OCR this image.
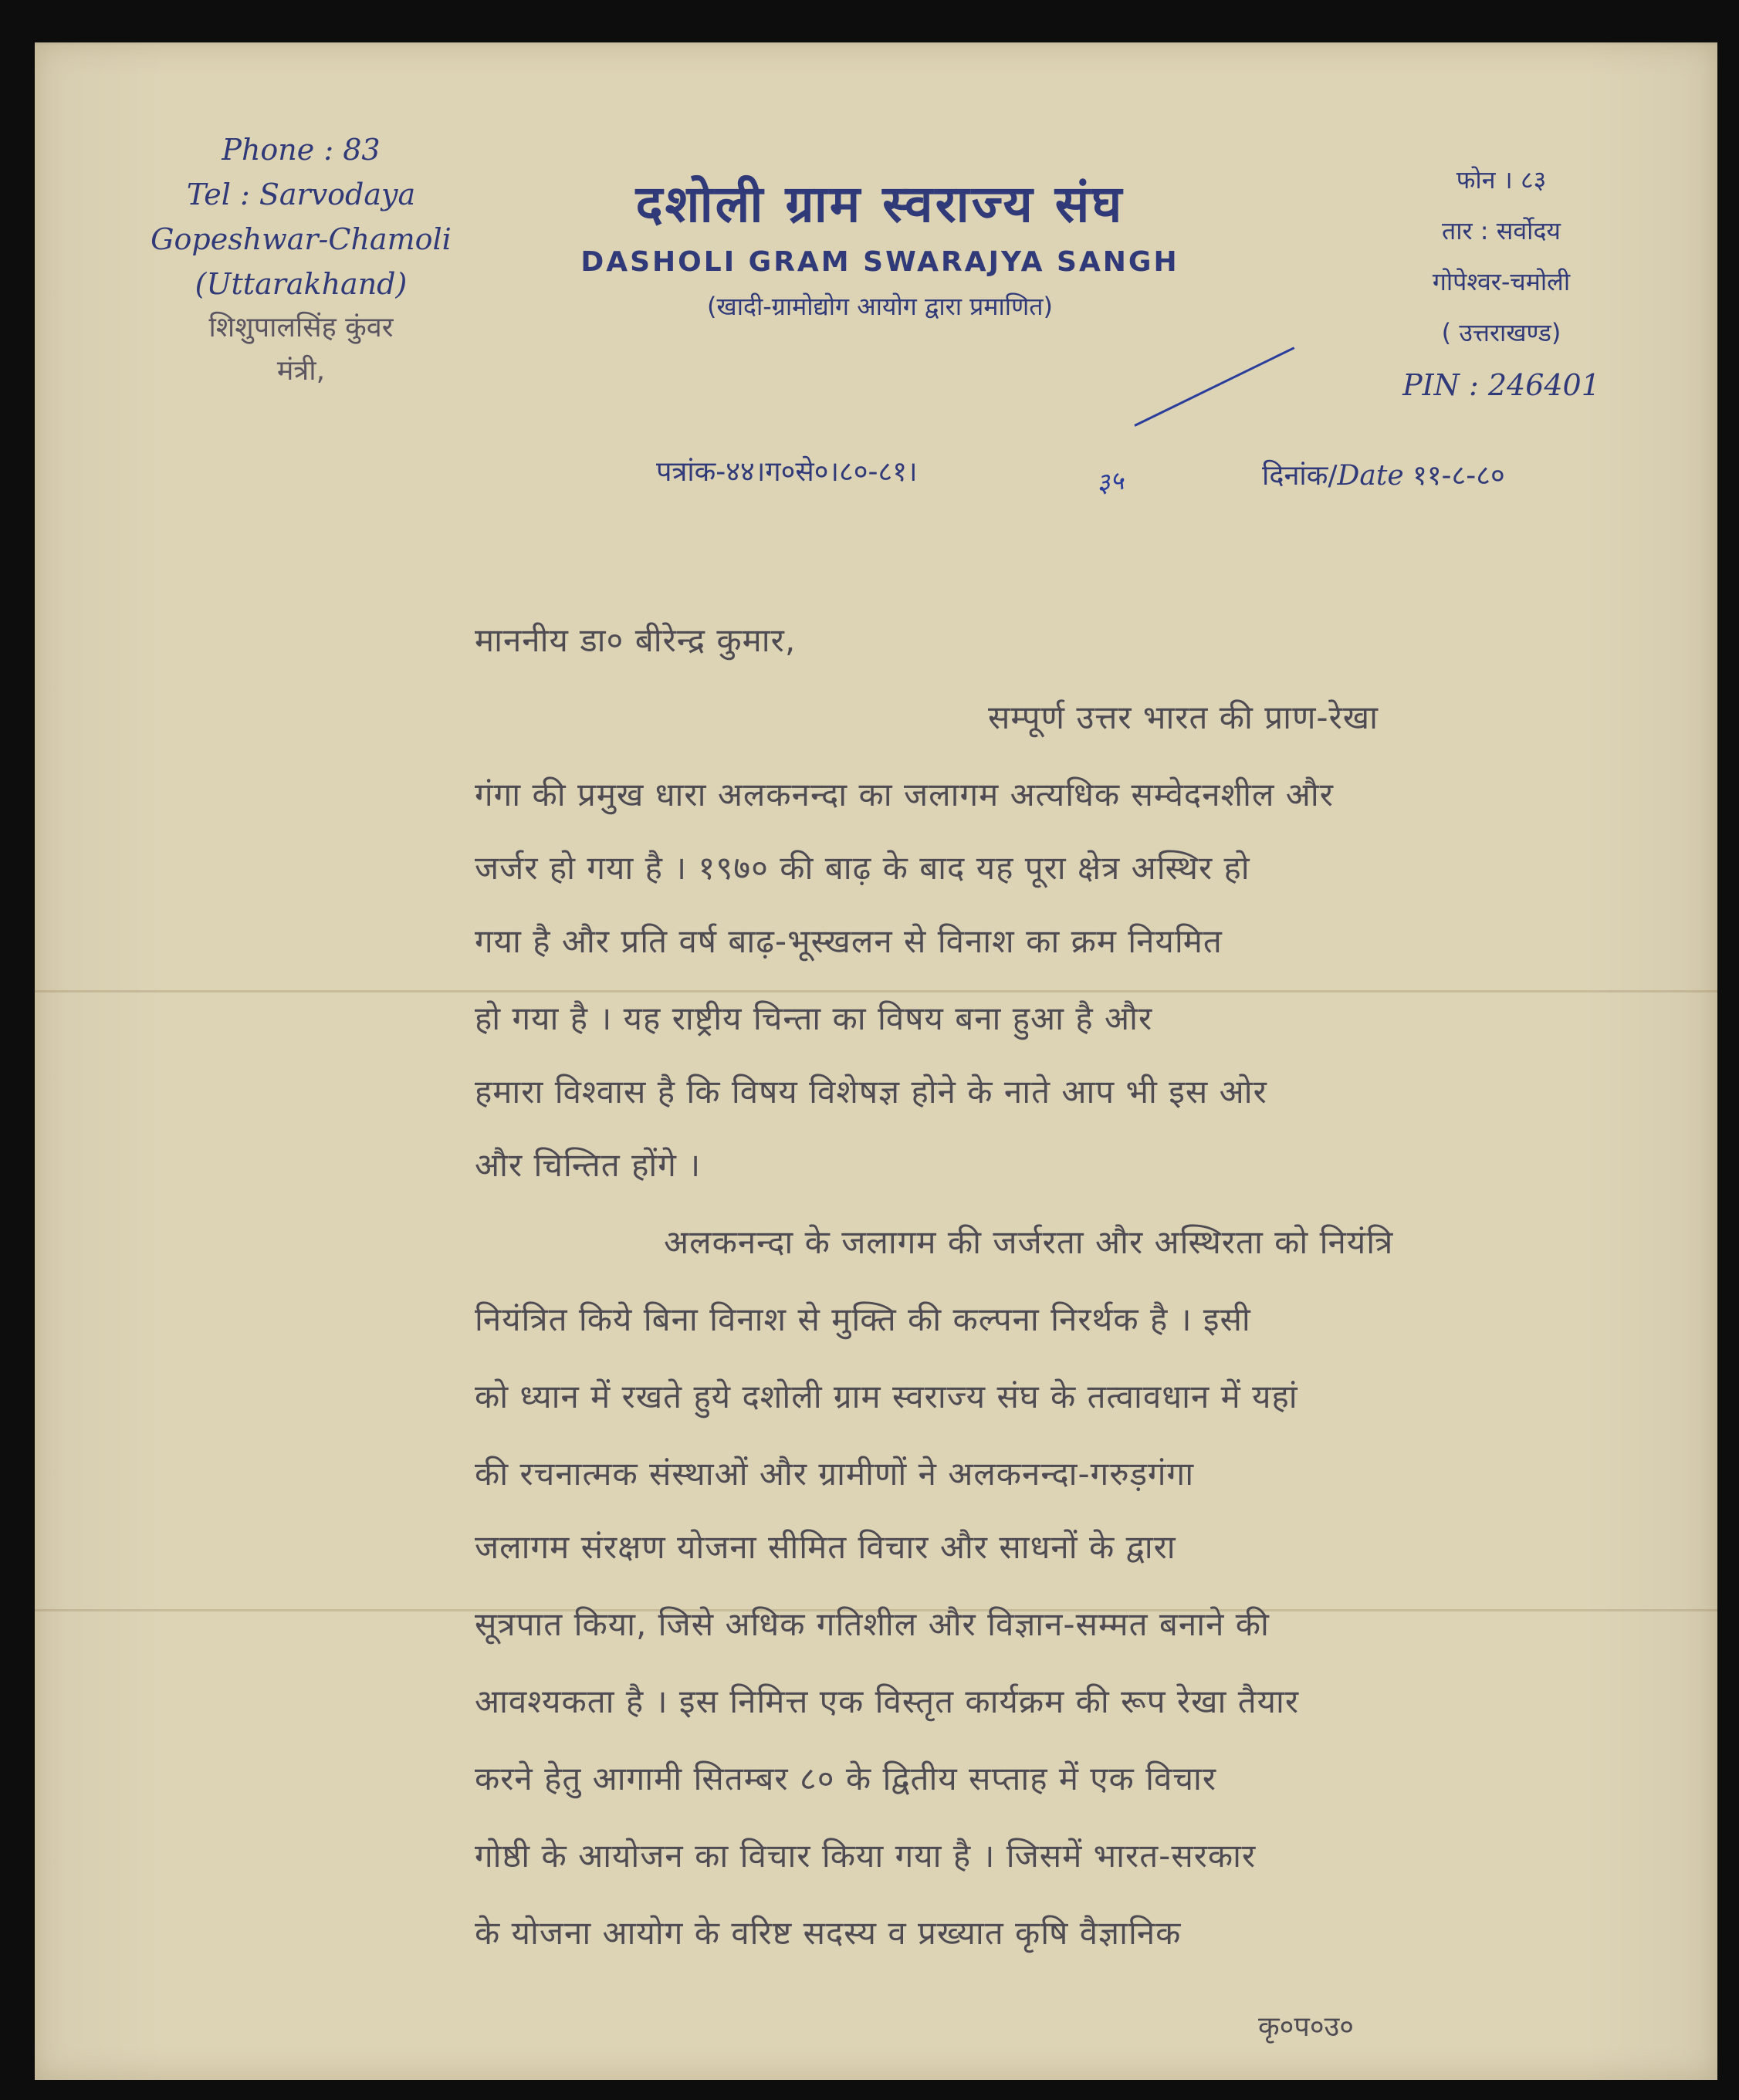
Phone : 83
Tel : Sarvodaya
Gopeshwar-Chamoli
(Uttarakhand)
शिशुपालसिंह कुंवर
मंत्री,
दशोली ग्राम स्वराज्य संघ
DASHOLI GRAM SWARAJYA SANGH
(खादी-ग्रामोद्योग आयोग द्वारा प्रमाणित)
फोन । ८३
तार : सर्वोदय
गोपेश्वर-चमोली
( उत्तराखण्ड)
PIN : 246401
पत्रांक-४४।ग०से०।८०-८१।	३५	दिनांक/Date ११-८-८०
माननीय डा० बीरेन्द्र कुमार,
सम्पूर्ण उत्तर भारत की प्राण-रेखा
गंगा की प्रमुख धारा अलकनन्दा का जलागम अत्यधिक सम्वेदनशील और
जर्जर हो गया है । १९७० की बाढ़ के बाद यह पूरा क्षेत्र अस्थिर हो
गया है और प्रति वर्ष बाढ़-भूस्खलन से विनाश का क्रम नियमित
हो गया है । यह राष्ट्रीय चिन्ता का विषय बना हुआ है और
हमारा विश्वास है कि विषय विशेषज्ञ होने के नाते आप भी इस ओर
और चिन्तित होंगे ।
अलकनन्दा के जलागम की जर्जरता और अस्थिरता को नियंत्रि
नियंत्रित किये बिना विनाश से मुक्ति की कल्पना निरर्थक है । इसी
को ध्यान में रखते हुये दशोली ग्राम स्वराज्य संघ के तत्वावधान में यहां
की रचनात्मक संस्थाओं और ग्रामीणों ने अलकनन्दा-गरुड़गंगा
जलागम संरक्षण योजना सीमित विचार और साधनों के द्वारा
सूत्रपात किया, जिसे अधिक गतिशील और विज्ञान-सम्मत बनाने की
आवश्यकता है । इस निमित्त एक विस्तृत कार्यक्रम की रूप रेखा तैयार
करने हेतु आगामी सितम्बर ८० के द्वितीय सप्ताह में एक विचार
गोष्ठी के आयोजन का विचार किया गया है । जिसमें भारत-सरकार
के योजना आयोग के वरिष्ट सदस्य व प्रख्यात कृषि वैज्ञानिक
कृ०प०उ०
